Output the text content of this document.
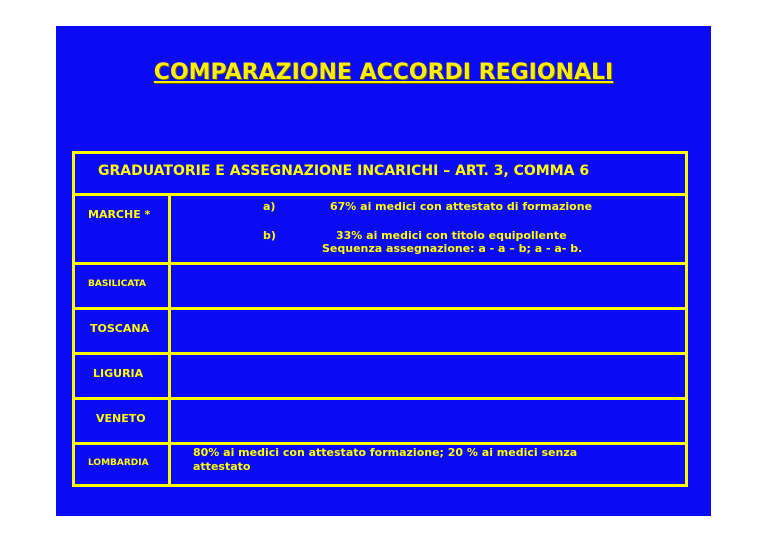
COMPARAZIONE ACCORDI REGIONALI
GRADUATORIE E ASSEGNAZIONE INCARICHI – ART. 3, COMMA 6
MARCHE *
a)	67% ai medici con attestato di formazione
b)	33% ai medici con titolo equipollente
Sequenza assegnazione: a - a – b; a - a- b.
BASILICATA
TOSCANA
LIGURIA
VENETO
LOMBARDIA
80% ai medici con attestato formazione; 20 % ai medici senza
attestato
